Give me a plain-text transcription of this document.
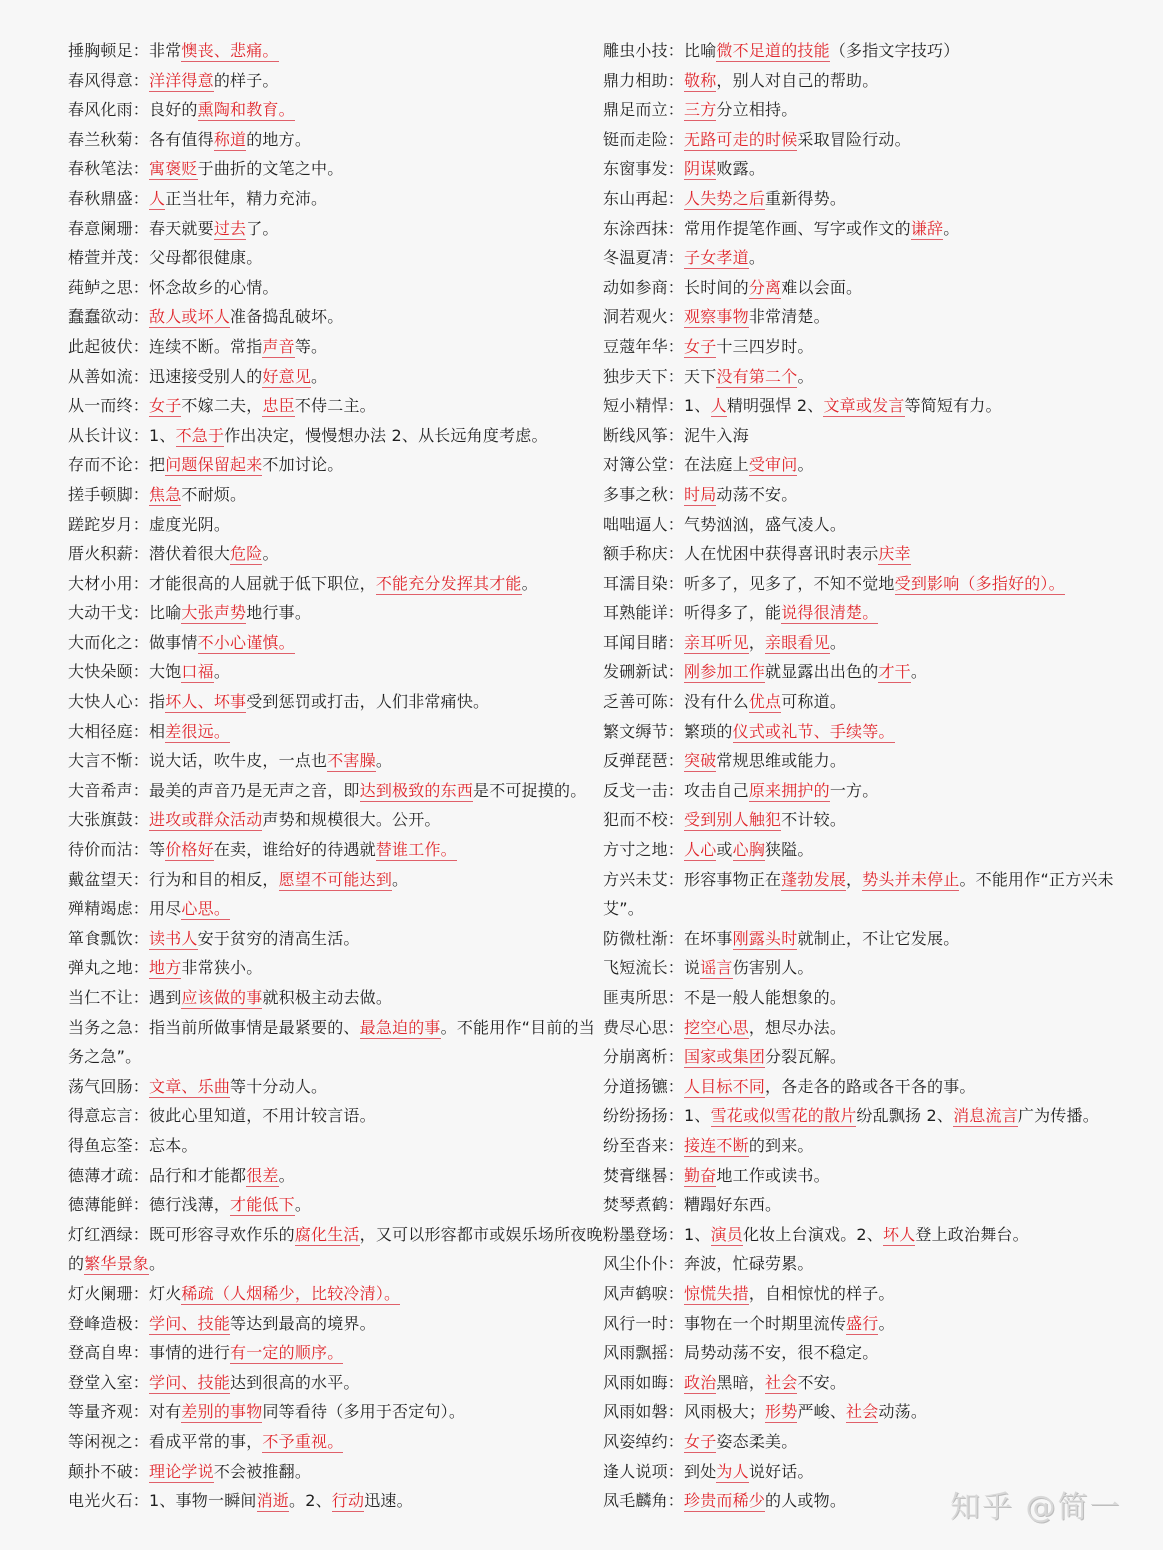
捶胸顿足：非常懊丧、悲痛。
春风得意：洋洋得意的样子。
春风化雨：良好的熏陶和教育。
春兰秋菊：各有值得称道的地方。
春秋笔法：寓褒贬于曲折的文笔之中。
春秋鼎盛：人正当壮年，精力充沛。
春意阑珊：春天就要过去了。
椿萱并茂：父母都很健康。
莼鲈之思：怀念故乡的心情。
蠢蠢欲动：敌人或坏人准备捣乱破坏。
此起彼伏：连续不断。常指声音等。
从善如流：迅速接受别人的好意见。
从一而终：女子不嫁二夫，忠臣不侍二主。
从长计议：1、不急于作出决定，慢慢想办法 2、从长远角度考虑。
存而不论：把问题保留起来不加讨论。
搓手顿脚：焦急不耐烦。
蹉跎岁月：虚度光阴。
厝火积薪：潜伏着很大危险。
大材小用：才能很高的人屈就于低下职位，不能充分发挥其才能。
大动干戈：比喻大张声势地行事。
大而化之：做事情不小心谨慎。
大快朵颐：大饱口福。
大快人心：指坏人、坏事受到惩罚或打击，人们非常痛快。
大相径庭：相差很远。
大言不惭：说大话，吹牛皮，一点也不害臊。
大音希声：最美的声音乃是无声之音，即达到极致的东西是不可捉摸的。
大张旗鼓：进攻或群众活动声势和规模很大。公开。
待价而沽：等价格好在卖，谁给好的待遇就替谁工作。
戴盆望天：行为和目的相反，愿望不可能达到。
殚精竭虑：用尽心思。
箪食瓢饮：读书人安于贫穷的清高生活。
弹丸之地：地方非常狭小。
当仁不让：遇到应该做的事就积极主动去做。
当务之急：指当前所做事情是最紧要的、最急迫的事。不能用作“目前的当务之急”。
荡气回肠：文章、乐曲等十分动人。
得意忘言：彼此心里知道，不用计较言语。
得鱼忘筌：忘本。
德薄才疏：品行和才能都很差。
德薄能鲜：德行浅薄，才能低下。
灯红酒绿：既可形容寻欢作乐的腐化生活，又可以形容都市或娱乐场所夜晚的繁华景象。
灯火阑珊：灯火稀疏（人烟稀少，比较冷清）。
登峰造极：学问、技能等达到最高的境界。
登高自卑：事情的进行有一定的顺序。
登堂入室：学问、技能达到很高的水平。
等量齐观：对有差别的事物同等看待（多用于否定句）。
等闲视之：看成平常的事，不予重视。
颠扑不破：理论学说不会被推翻。
电光火石：1、事物一瞬间消逝。2、行动迅速。
雕虫小技：比喻微不足道的技能（多指文字技巧）
鼎力相助：敬称，别人对自己的帮助。
鼎足而立：三方分立相持。
铤而走险：无路可走的时候采取冒险行动。
东窗事发：阴谋败露。
东山再起：人失势之后重新得势。
东涂西抹：常用作提笔作画、写字或作文的谦辞。
冬温夏凊：子女孝道。
动如参商：长时间的分离难以会面。
洞若观火：观察事物非常清楚。
豆蔻年华：女子十三四岁时。
独步天下：天下没有第二个。
短小精悍：1、人精明强悍 2、文章或发言等简短有力。
断线风筝：泥牛入海
对簿公堂：在法庭上受审问。
多事之秋：时局动荡不安。
咄咄逼人：气势汹汹，盛气凌人。
额手称庆：人在忧困中获得喜讯时表示庆幸
耳濡目染：听多了，见多了，不知不觉地受到影响（多指好的）。
耳熟能详：听得多了，能说得很清楚。
耳闻目睹：亲耳听见，亲眼看见。
发硎新试：刚参加工作就显露出出色的才干。
乏善可陈：没有什么优点可称道。
繁文缛节：繁琐的仪式或礼节、手续等。
反弹琵琶：突破常规思维或能力。
反戈一击：攻击自己原来拥护的一方。
犯而不校：受到别人触犯不计较。
方寸之地：人心或心胸狭隘。
方兴未艾：形容事物正在蓬勃发展，势头并未停止。不能用作“正方兴未艾”。
防微杜渐：在坏事刚露头时就制止，不让它发展。
飞短流长：说谣言伤害别人。
匪夷所思：不是一般人能想象的。
费尽心思：挖空心思，想尽办法。
分崩离析：国家或集团分裂瓦解。
分道扬镳：人目标不同，各走各的路或各干各的事。
纷纷扬扬：1、雪花或似雪花的散片纷乱飘扬 2、消息流言广为传播。
纷至沓来：接连不断的到来。
焚膏继晷：勤奋地工作或读书。
焚琴煮鹤：糟蹋好东西。
粉墨登场：1、演员化妆上台演戏。2、坏人登上政治舞台。
风尘仆仆：奔波，忙碌劳累。
风声鹤唳：惊慌失措，自相惊忧的样子。
风行一时：事物在一个时期里流传盛行。
风雨飘摇：局势动荡不安，很不稳定。
风雨如晦：政治黑暗，社会不安。
风雨如磐：风雨极大；形势严峻、社会动荡。
风姿绰约：女子姿态柔美。
逢人说项：到处为人说好话。
凤毛麟角：珍贵而稀少的人或物。	知乎 @简一
